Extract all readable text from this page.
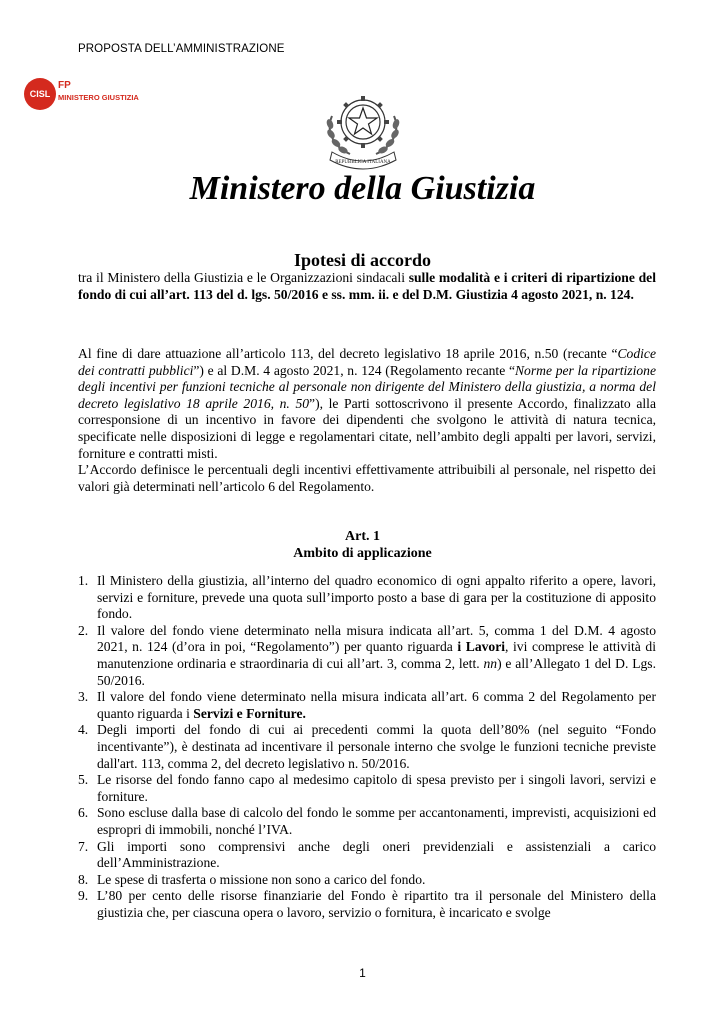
PROPOSTA DELL’AMMINISTRAZIONE
CISL
FP
MINISTERO GIUSTIZIA
REPUBBLICA ITALIANA
Ministero della Giustizia
Ipotesi di accordo
tra il Ministero della Giustizia e le Organizzazioni sindacali sulle modalità e i criteri di ripartizione del fondo di cui all’art. 113 del d. lgs. 50/2016 e ss. mm. ii. e del D.M. Giustizia 4 agosto 2021, n. 124.
Al fine di dare attuazione all’articolo 113, del decreto legislativo 18 aprile 2016, n.50 (recante “Codice dei contratti pubblici”) e al D.M. 4 agosto 2021, n. 124 (Regolamento recante “Norme per la ripartizione degli incentivi per funzioni tecniche al personale non dirigente del Ministero della giustizia, a norma del decreto legislativo 18 aprile 2016, n. 50”), le Parti sottoscrivono il presente Accordo, finalizzato alla corresponsione di un incentivo in favore dei dipendenti che svolgono le attività di natura tecnica, specificate nelle disposizioni di legge e regolamentari citate, nell’ambito degli appalti per lavori, servizi, forniture e contratti misti.
L’Accordo definisce le percentuali degli incentivi effettivamente attribuibili al personale, nel rispetto dei valori già determinati nell’articolo 6 del Regolamento.
Art. 1
Ambito di applicazione
1. Il Ministero della giustizia, all’interno del quadro economico di ogni appalto riferito a opere, lavori, servizi e forniture, prevede una quota sull’importo posto a base di gara per la costituzione di apposito fondo.
2. Il valore del fondo viene determinato nella misura indicata all’art. 5, comma 1 del D.M. 4 agosto 2021, n. 124 (d’ora in poi, “Regolamento”) per quanto riguarda i Lavori, ivi comprese le attività di manutenzione ordinaria e straordinaria di cui all’art. 3, comma 2, lett. nn) e all’Allegato 1 del D. Lgs. 50/2016.
3. Il valore del fondo viene determinato nella misura indicata all’art. 6 comma 2 del Regolamento per quanto riguarda i Servizi e Forniture.
4. Degli importi del fondo di cui ai precedenti commi la quota dell’80% (nel seguito “Fondo incentivante”), è destinata ad incentivare il personale interno che svolge le funzioni tecniche previste dall'art. 113, comma 2, del decreto legislativo n. 50/2016.
5. Le risorse del fondo fanno capo al medesimo capitolo di spesa previsto per i singoli lavori, servizi e forniture.
6. Sono escluse dalla base di calcolo del fondo le somme per accantonamenti, imprevisti, acquisizioni ed espropri di immobili, nonché l’IVA.
7. Gli importi sono comprensivi anche degli oneri previdenziali e assistenziali a carico dell’Amministrazione.
8. Le spese di trasferta o missione non sono a carico del fondo.
9. L’80 per cento delle risorse finanziarie del Fondo è ripartito tra il personale del Ministero della giustizia che, per ciascuna opera o lavoro, servizio o fornitura, è incaricato e svolge
1
